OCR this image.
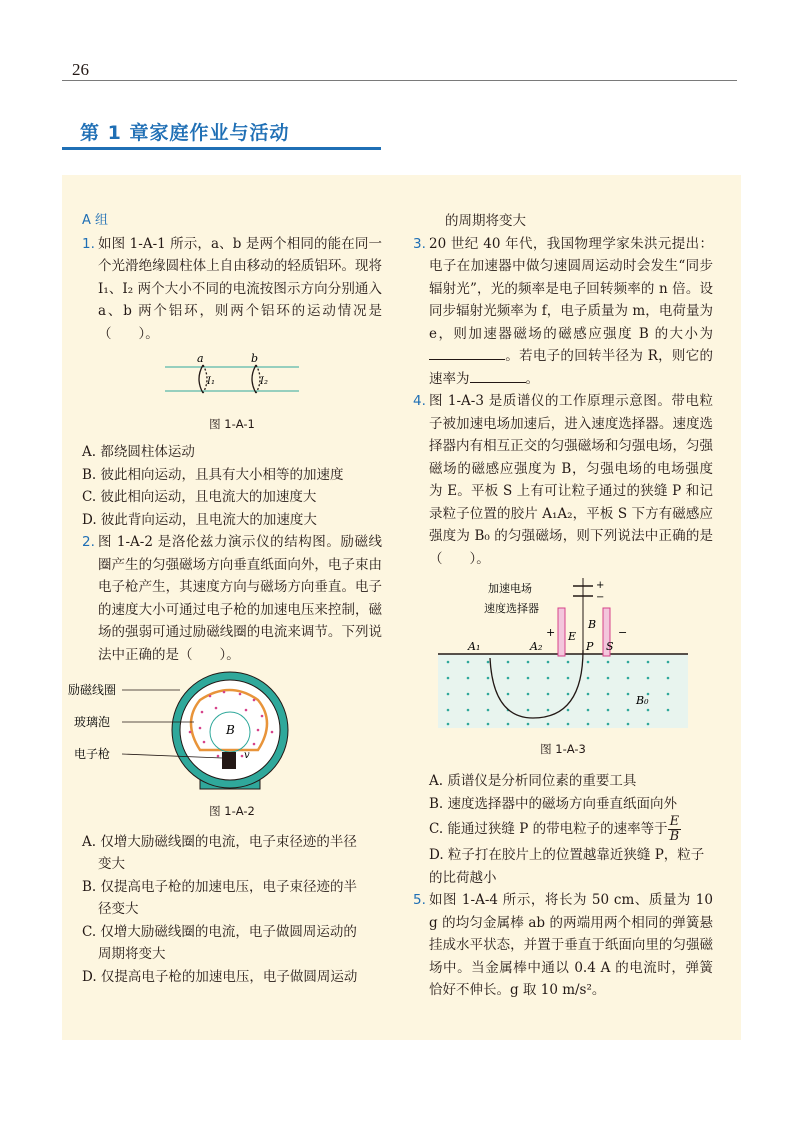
26
第 1 章家庭作业与活动

A 组

1. 如图 1-A-1 所示，a、b 是两个相同的能在同一个光滑绝缘圆柱体上自由移动的轻质铝环。现将 I₁、I₂ 两个大小不同的电流按图示方向分别通入 a、b 两个铝环，则两个铝环的运动情况是（　　）。
a	b
I₁	I₂

图 1-A-1

A. 都绕圆柱体运动

B. 彼此相向运动，且具有大小相等的加速度

C. 彼此相向运动，且电流大的加速度大

D. 彼此背向运动，且电流大的加速度大

2. 图 1-A-2 是洛伦兹力演示仪的结构图。励磁线圈产生的匀强磁场方向垂直纸面向外，电子束由电子枪产生，其速度方向与磁场方向垂直。电子的速度大小可通过电子枪的加速电压来控制，磁场的强弱可通过励磁线圈的电流来调节。下列说法中正确的是（　　）。
励磁线圈
玻璃泡
电子枪
B
v

图 1-A-2

A. 仅增大励磁线圈的电流，电子束径迹的半径

变大

B. 仅提高电子枪的加速电压，电子束径迹的半

径变大

C. 仅增大励磁线圈的电流，电子做圆周运动的

周期将变大

D. 仅提高电子枪的加速电压，电子做圆周运动

的周期将变大

3. 20 世纪 40 年代，我国物理学家朱洪元提出：电子在加速器中做匀速圆周运动时会发生“同步辐射光”，光的频率是电子回转频率的 n 倍。设同步辐射光频率为 f，电子质量为 m，电荷量为 e，则加速器磁场的磁感应强度 B 的大小为。若电子的回转半径为 R，则它的速率为	。
4. 图 1-A-3 是质谱仪的工作原理示意图。带电粒子被加速电场加速后，进入速度选择器。速度选择器内有相互正交的匀强磁场和匀强电场，匀强磁场的磁感应强度为 B，匀强电场的电场强度为 E。平板 S 上有可让粒子通过的狭缝 P 和记录粒子位置的胶片 A₁A₂，平板 S 下方有磁感应强度为 B₀ 的匀强磁场，则下列说法中正确的是（　　）。
加速电场
速度选择器
+	−
+
−
E
B
A₁	A₂	P S
B₀

图 1-A-3

A. 质谱仪是分析同位素的重要工具

B. 速度选择器中的磁场方向垂直纸面向外

C. 能通过狭缝 P 的带电粒子的速率等于 $\frac{E}{B}$

D. 粒子打在胶片上的位置越靠近狭缝 P，粒子的比荷越小

5. 如图 1-A-4 所示，将长为 50 cm、质量为 10 g 的均匀金属棒 ab 的两端用两个相同的弹簧悬挂成水平状态，并置于垂直于纸面向里的匀强磁场中。当金属棒中通以 0.4 A 的电流时，弹簧恰好不伸长。g 取 10 m/s²。
